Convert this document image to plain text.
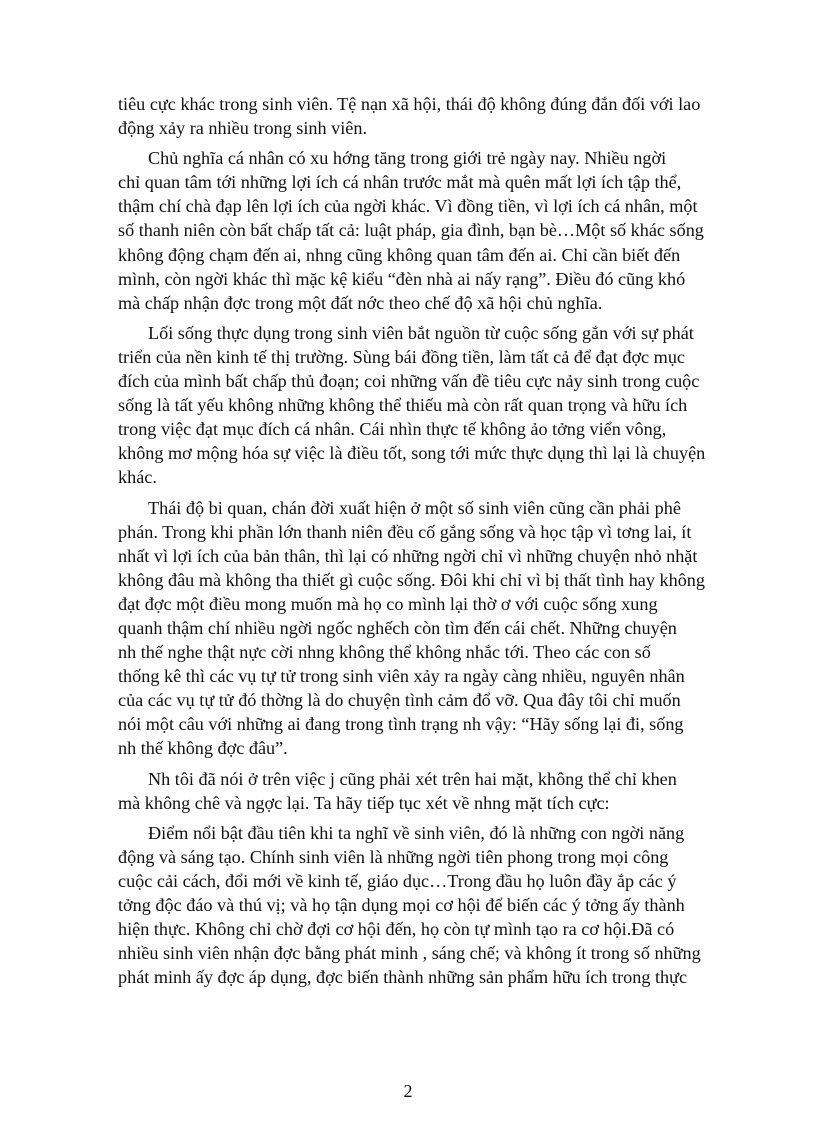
tiêu cực khác trong sinh viên. Tệ nạn xã hội, thái độ không đúng đắn đối với lao
động xảy ra nhiều trong sinh viên.

Chủ nghĩa cá nhân có xu hớng tăng trong giới trẻ ngày nay. Nhiều ngời
chỉ quan tâm tới những lợi ích cá nhân trước mắt mà quên mất lợi ích tập thể,
thậm chí chà đạp lên lợi ích của ngời khác. Vì đồng tiền, vì lợi ích cá nhân, một
số thanh niên còn bất chấp tất cả: luật pháp, gia đình, bạn bè…Một số khác sống
không động chạm đến ai, nhng cũng không quan tâm đến ai. Chỉ cần biết đến
mình, còn ngời khác thì mặc kệ kiểu “đèn nhà ai nấy rạng”. Điều đó cũng khó
mà chấp nhận đợc trong một đất nớc theo chế độ xã hội chủ nghĩa.

Lối sống thực dụng trong sinh viên bắt nguồn từ cuộc sống gắn với sự phát
triển của nền kinh tế thị trường. Sùng bái đồng tiền, làm tất cả để đạt đợc mục
đích của mình bất chấp thủ đoạn; coi những vấn đề tiêu cực nảy sinh trong cuộc
sống là tất yếu không những không thể thiếu mà còn rất quan trọng và hữu ích
trong việc đạt mục đích cá nhân. Cái nhìn thực tế không ảo tởng viển vông,
không mơ mộng hóa sự việc là điều tốt, song tới mức thực dụng thì lại là chuyện
khác.

Thái độ bi quan, chán đời xuất hiện ở một số sinh viên cũng cần phải phê
phán. Trong khi phần lớn thanh niên đều cố gắng sống và học tập vì tơng lai, ít
nhất vì lợi ích của bản thân, thì lại có những ngời chỉ vì những chuyện nhỏ nhặt
không đâu mà không tha thiết gì cuộc sống. Đôi khi chỉ vì bị thất tình hay không
đạt đợc một điều mong muốn mà họ co mình lại thờ ơ với cuộc sống xung
quanh thậm chí nhiều ngời ngốc nghếch còn tìm đến cái chết. Những chuyện
nh thế nghe thật nực cời nhng không thể không nhắc tới. Theo các con số
thống kê thì các vụ tự tử trong sinh viên xảy ra ngày càng nhiều, nguyên nhân
của các vụ tự tử đó thờng là do chuyện tình cảm đổ vỡ. Qua đây tôi chỉ muốn
nói một câu với những ai đang trong tình trạng nh vậy: “Hãy sống lại đi, sống
nh thế không đợc đâu”.

Nh tôi đã nói ở trên việc j cũng phải xét trên hai mặt, không thể chỉ khen
mà không chê và ngợc lại. Ta hãy tiếp tục xét về nhng mặt tích cực:

Điểm nổi bật đầu tiên khi ta nghĩ về sinh viên, đó là những con ngời năng
động và sáng tạo. Chính sinh viên là những ngời tiên phong trong mọi công
cuộc cải cách, đổi mới về kinh tế, giáo dục…Trong đầu họ luôn đầy ắp các ý
tởng độc đáo và thú vị; và họ tận dụng mọi cơ hội để biến các ý tởng ấy thành
hiện thực. Không chỉ chờ đợi cơ hội đến, họ còn tự mình tạo ra cơ hội.Đã có
nhiều sinh viên nhận đợc bằng phát minh , sáng chế; và không ít trong số những
phát minh ấy đợc áp dụng, đợc biến thành những sản phẩm hữu ích trong thực

2
